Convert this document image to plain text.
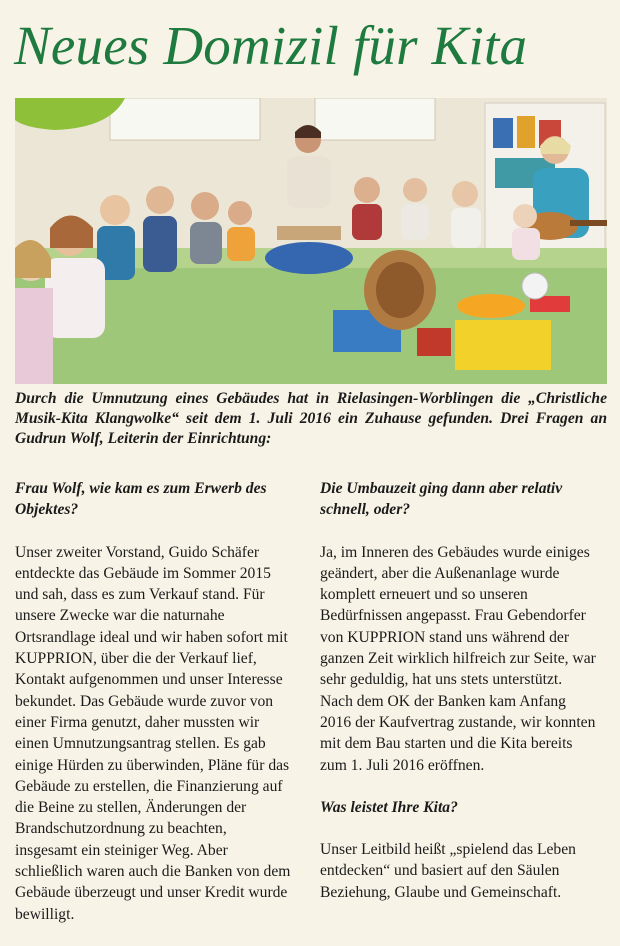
Neues Domizil für Kita
Durch die Umnutzung eines Gebäudes hat in Rielasingen-Worblingen die „Christliche Musik-Kita Klangwolke“ seit dem 1. Juli 2016 ein Zuhause gefunden. Drei Fragen an Gudrun Wolf, Leiterin der Einrichtung:

Frau Wolf, wie kam es zum Erwerb des Objektes?

Unser zweiter Vorstand, Guido Schäfer entdeckte das Gebäude im Sommer 2015 und sah, dass es zum Verkauf stand. Für unsere Zwecke war die naturnahe Ortsrandlage ideal und wir haben sofort mit KUPPRION, über die der Verkauf lief, Kontakt aufgenommen und unser Interesse bekundet. Das Gebäude wurde zuvor von einer Firma genutzt, daher mussten wir einen Umnutzungsantrag stellen. Es gab einige Hürden zu überwinden, Pläne für das Gebäude zu erstellen, die Finanzierung auf die Beine zu stellen, Änderungen der Brandschutzordnung zu beachten, insgesamt ein steiniger Weg. Aber schließlich waren auch die Banken von dem Gebäude überzeugt und unser Kredit wurde bewilligt.

Die Umbauzeit ging dann aber relativ schnell, oder?

Ja, im Inneren des Gebäudes wurde einiges geändert, aber die Außenanlage wurde komplett erneuert und so unseren Bedürfnissen angepasst. Frau Gebendorfer von KUPPRION stand uns während der ganzen Zeit wirklich hilfreich zur Seite, war sehr geduldig, hat uns stets unterstützt. Nach dem OK der Banken kam Anfang 2016 der Kaufvertrag zustande, wir konnten mit dem Bau starten und die Kita bereits zum 1. Juli 2016 eröffnen.

Was leistet Ihre Kita?

Unser Leitbild heißt „spielend das Leben entdecken“ und basiert auf den Säulen Beziehung, Glaube und Gemeinschaft.
